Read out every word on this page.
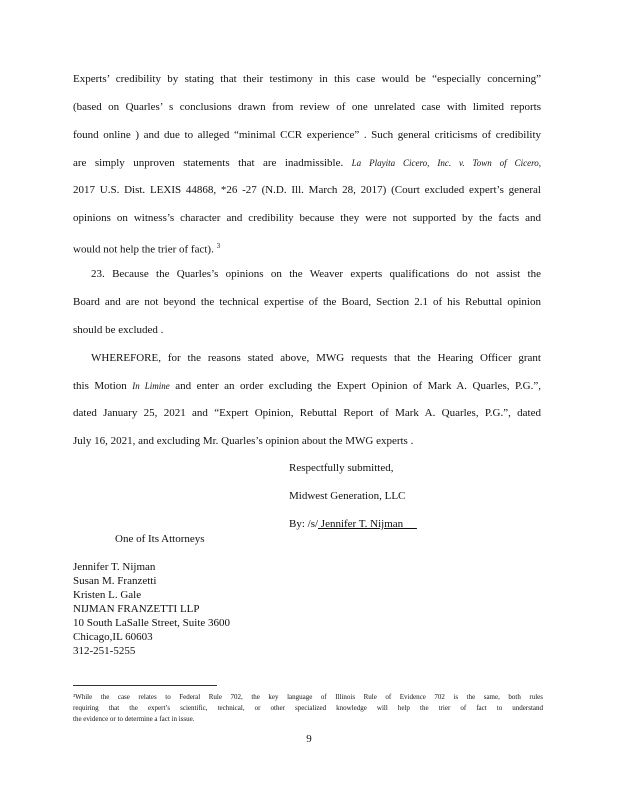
Experts’ credibility by stating that their testimony in this case would be “especially concerning”
(based on Quarles’ s conclusions drawn from review of one unrelated case with limited reports
found online ) and due to alleged “minimal CCR experience” . Such general criticisms of credibility
are simply unproven statements that are inadmissible. La Playita Cicero, Inc. v. Town of Cicero,
2017 U.S. Dist. LEXIS 44868, *26 -27 (N.D. Ill. March 28, 2017) (Court excluded expert’s general
opinions on witness’s character and credibility because they were not supported by the facts and
would not help the trier of fact). $^3$
23. Because the Quarles’s opinions on the Weaver experts qualifications do not assist the
Board and are not beyond the technical expertise of the Board, Section 2.1 of his Rebuttal opinion
should be excluded .
WHEREFORE, for the reasons stated above, MWG requests that the Hearing Officer grant
this Motion In Limine and enter an order excluding the Expert Opinion of Mark A. Quarles, P.G.”,
dated January 25, 2021 and “Expert Opinion, Rebuttal Report of Mark A. Quarles, P.G.”, dated
July 16, 2021, and excluding Mr. Quarles’s opinion about the MWG experts .
Respectfully submitted,
Midwest Generation, LLC
By: /s/ Jennifer T. Nijman
One of Its Attorneys
Jennifer T. Nijman
Susan M. Franzetti
Kristen L. Gale
NIJMAN FRANZETTI LLP
10 South LaSalle Street, Suite 3600
Chicago,IL 60603
312-251-5255
³While the case relates to Federal Rule 702, the key language of Illinois Rule of Evidence 702 is the same, both rules
requiring that the expert’s scientific, technical, or other specialized knowledge will help the trier of fact to understand
the evidence or to determine a fact in issue.
9
